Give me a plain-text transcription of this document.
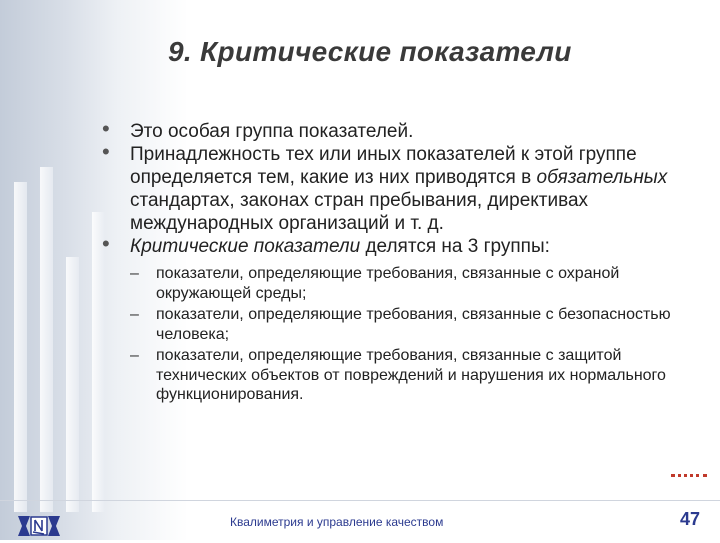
9. Критические показатели
• Это особая группа показателей.
• Принадлежность тех или иных показателей к этой группе определяется тем, какие из них приводятся в обязательных стандартах, законах стран пребывания, директивах международных организаций и т. д.
• Критические показатели делятся на 3 группы:
– показатели, определяющие требования, связанные с охраной окружающей среды;
– показатели, определяющие требования, связанные с безопасностью человека;
– показатели, определяющие требования, связанные с защитой технических объектов от повреждений и нарушения их нормального функционирования.
Квалиметрия и управление качеством	47
